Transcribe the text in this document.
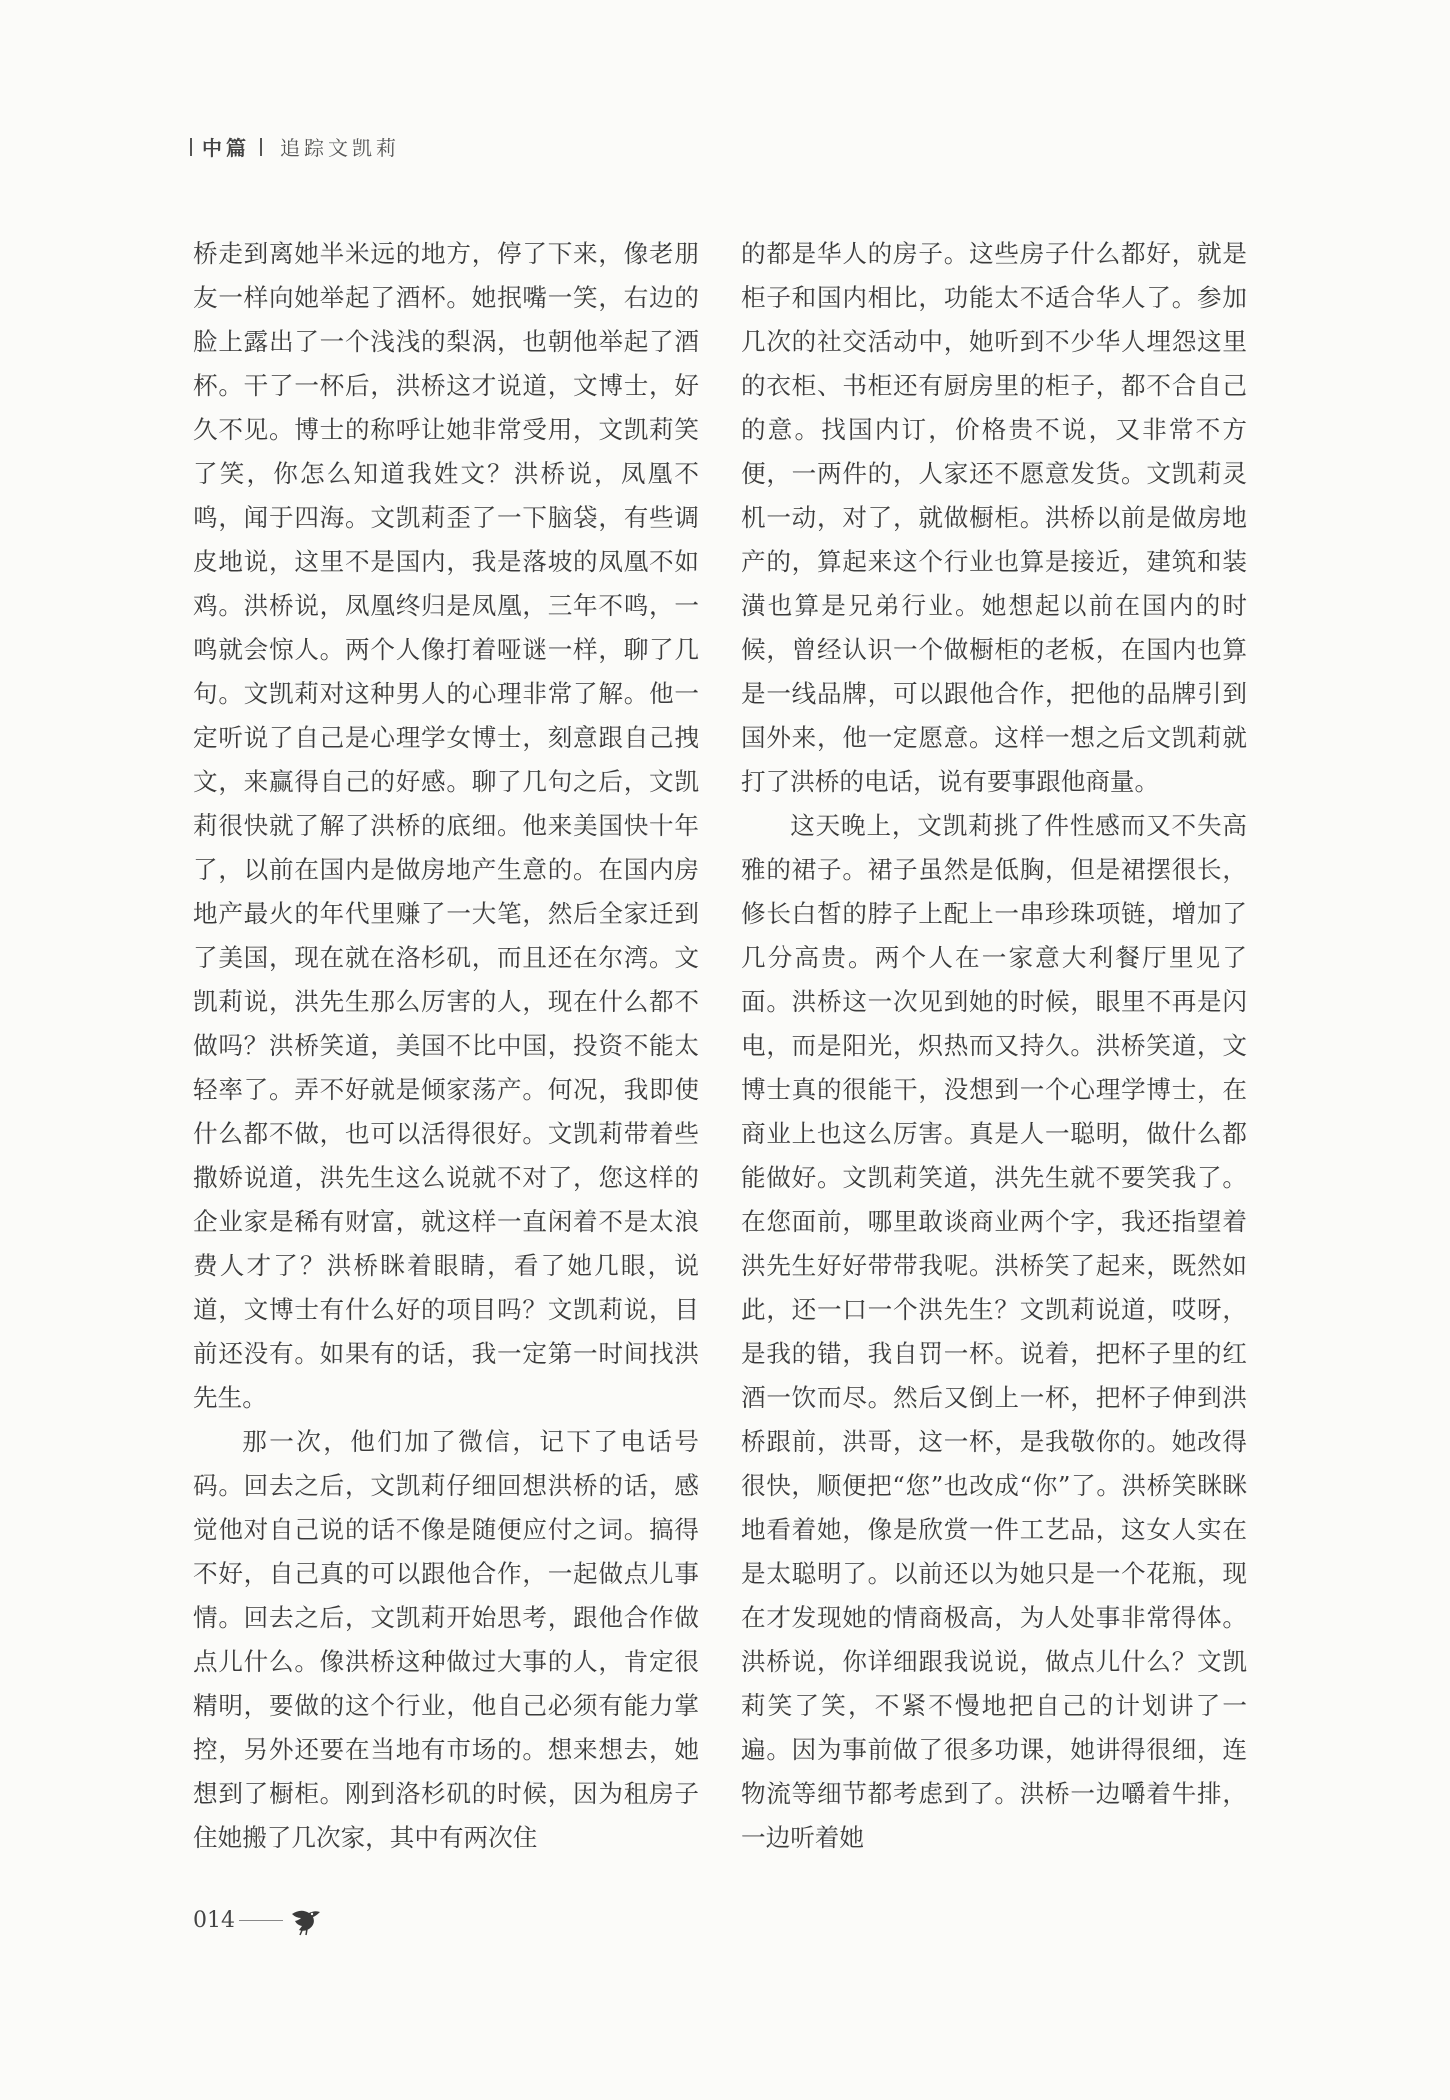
中篇 追踪文凯莉

桥走到离她半米远的地方，停了下来，像老朋友一样向她举起了酒杯。她抿嘴一笑，右边的脸上露出了一个浅浅的梨涡，也朝他举起了酒杯。干了一杯后，洪桥这才说道，文博士，好久不见。博士的称呼让她非常受用，文凯莉笑了笑，你怎么知道我姓文？洪桥说，凤凰不鸣，闻于四海。文凯莉歪了一下脑袋，有些调皮地说，这里不是国内，我是落坡的凤凰不如鸡。洪桥说，凤凰终归是凤凰，三年不鸣，一鸣就会惊人。两个人像打着哑谜一样，聊了几句。文凯莉对这种男人的心理非常了解。他一定听说了自己是心理学女博士，刻意跟自己拽文，来赢得自己的好感。聊了几句之后，文凯莉很快就了解了洪桥的底细。他来美国快十年了，以前在国内是做房地产生意的。在国内房地产最火的年代里赚了一大笔，然后全家迁到了美国，现在就在洛杉矶，而且还在尔湾。文凯莉说，洪先生那么厉害的人，现在什么都不做吗？洪桥笑道，美国不比中国，投资不能太轻率了。弄不好就是倾家荡产。何况，我即使什么都不做，也可以活得很好。文凯莉带着些撒娇说道，洪先生这么说就不对了，您这样的企业家是稀有财富，就这样一直闲着不是太浪费人才了？洪桥眯着眼睛，看了她几眼，说道，文博士有什么好的项目吗？文凯莉说，目前还没有。如果有的话，我一定第一时间找洪先生。

那一次，他们加了微信，记下了电话号码。回去之后，文凯莉仔细回想洪桥的话，感觉他对自己说的话不像是随便应付之词。搞得不好，自己真的可以跟他合作，一起做点儿事情。回去之后，文凯莉开始思考，跟他合作做点儿什么。像洪桥这种做过大事的人，肯定很精明，要做的这个行业，他自己必须有能力掌控，另外还要在当地有市场的。想来想去，她想到了橱柜。刚到洛杉矶的时候，因为租房子住她搬了几次家，其中有两次住

的都是华人的房子。这些房子什么都好，就是柜子和国内相比，功能太不适合华人了。参加几次的社交活动中，她听到不少华人埋怨这里的衣柜、书柜还有厨房里的柜子，都不合自己的意。找国内订，价格贵不说，又非常不方便，一两件的，人家还不愿意发货。文凯莉灵机一动，对了，就做橱柜。洪桥以前是做房地产的，算起来这个行业也算是接近，建筑和装潢也算是兄弟行业。她想起以前在国内的时候，曾经认识一个做橱柜的老板，在国内也算是一线品牌，可以跟他合作，把他的品牌引到国外来，他一定愿意。这样一想之后文凯莉就打了洪桥的电话，说有要事跟他商量。

这天晚上，文凯莉挑了件性感而又不失高雅的裙子。裙子虽然是低胸，但是裙摆很长，修长白皙的脖子上配上一串珍珠项链，增加了几分高贵。两个人在一家意大利餐厅里见了面。洪桥这一次见到她的时候，眼里不再是闪电，而是阳光，炽热而又持久。洪桥笑道，文博士真的很能干，没想到一个心理学博士，在商业上也这么厉害。真是人一聪明，做什么都能做好。文凯莉笑道，洪先生就不要笑我了。在您面前，哪里敢谈商业两个字，我还指望着洪先生好好带带我呢。洪桥笑了起来，既然如此，还一口一个洪先生？文凯莉说道，哎呀，是我的错，我自罚一杯。说着，把杯子里的红酒一饮而尽。然后又倒上一杯，把杯子伸到洪桥跟前，洪哥，这一杯，是我敬你的。她改得很快，顺便把“您”也改成“你”了。洪桥笑眯眯地看着她，像是欣赏一件工艺品，这女人实在是太聪明了。以前还以为她只是一个花瓶，现在才发现她的情商极高，为人处事非常得体。洪桥说，你详细跟我说说，做点儿什么？文凯莉笑了笑，不紧不慢地把自己的计划讲了一遍。因为事前做了很多功课，她讲得很细，连物流等细节都考虑到了。洪桥一边嚼着牛排，一边听着她

014
